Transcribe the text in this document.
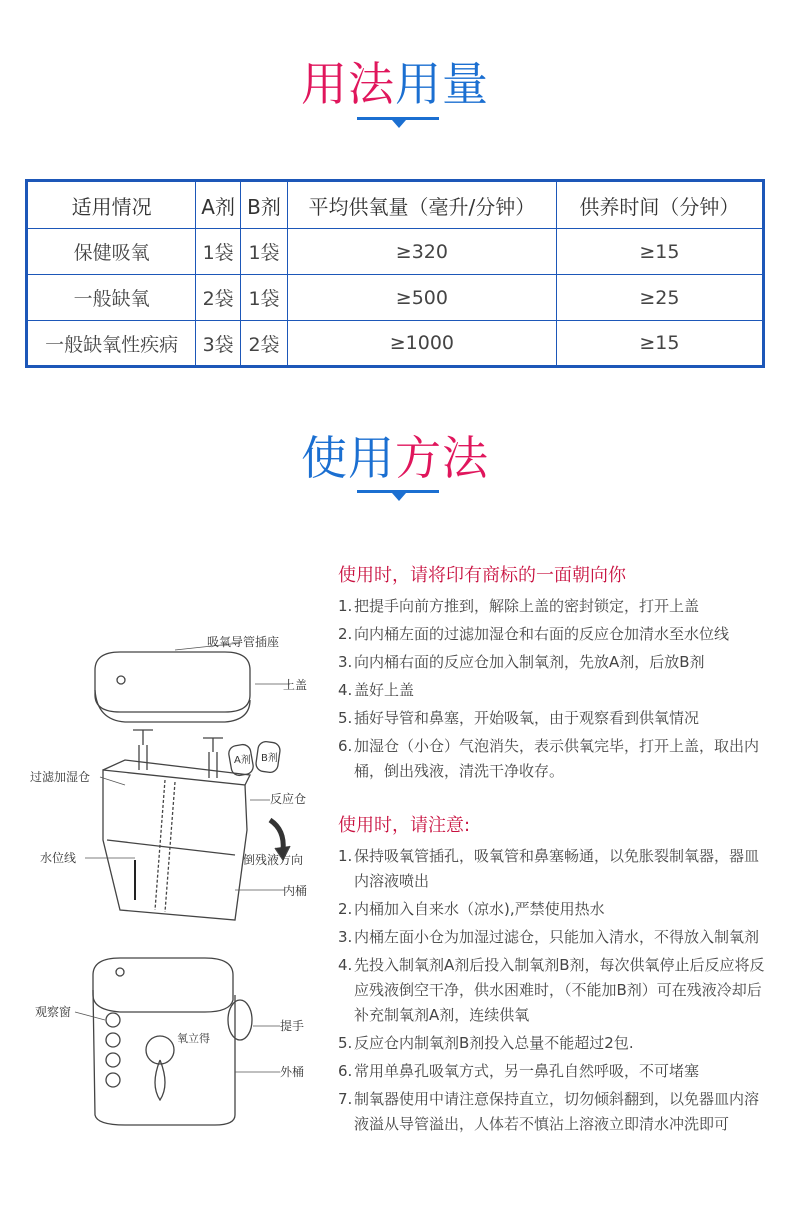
用法用量
适用情况	A剂	B剂	平均供氧量（毫升/分钟）	供养时间（分钟）
保健吸氧	1袋	1袋	≥320	≥15
一般缺氧	2袋	1袋	≥500	≥25
一般缺氧性疾病	3袋	2袋	≥1000	≥15
使用方法
吸氧导管插座
上盖
A剂 B剂
过滤加湿仓
反应仓
水位线	倒残液方向
内桶
观察窗
提手
外桶
氧立得
使用时，请将印有商标的一面朝向你
1. 把提手向前方推到，解除上盖的密封锁定，打开上盖
2. 向内桶左面的过滤加湿仓和右面的反应仓加清水至水位线
3. 向内桶右面的反应仓加入制氧剂，先放A剂，后放B剂
4. 盖好上盖
5. 插好导管和鼻塞，开始吸氧，由于观察看到供氧情况
6. 加湿仓（小仓）气泡消失，表示供氧完毕，打开上盖，取出内桶，倒出残液，清洗干净收存。
使用时，请注意:
1. 保持吸氧管插孔，吸氧管和鼻塞畅通，以免胀裂制氧器，器皿内溶液喷出
2. 内桶加入自来水（凉水),严禁使用热水
3. 内桶左面小仓为加湿过滤仓，只能加入清水，不得放入制氧剂
4. 先投入制氧剂A剂后投入制氧剂B剂，每次供氧停止后反应将反应残液倒空干净，供水困难时，（不能加B剂）可在残液冷却后补充制氧剂A剂，连续供氧
5. 反应仓内制氧剂B剂投入总量不能超过2包.
6. 常用单鼻孔吸氧方式，另一鼻孔自然呼吸，不可堵塞
7. 制氧器使用中请注意保持直立，切勿倾斜翻到，以免器皿内溶液溢从导管溢出，人体若不慎沾上溶液立即清水冲洗即可
